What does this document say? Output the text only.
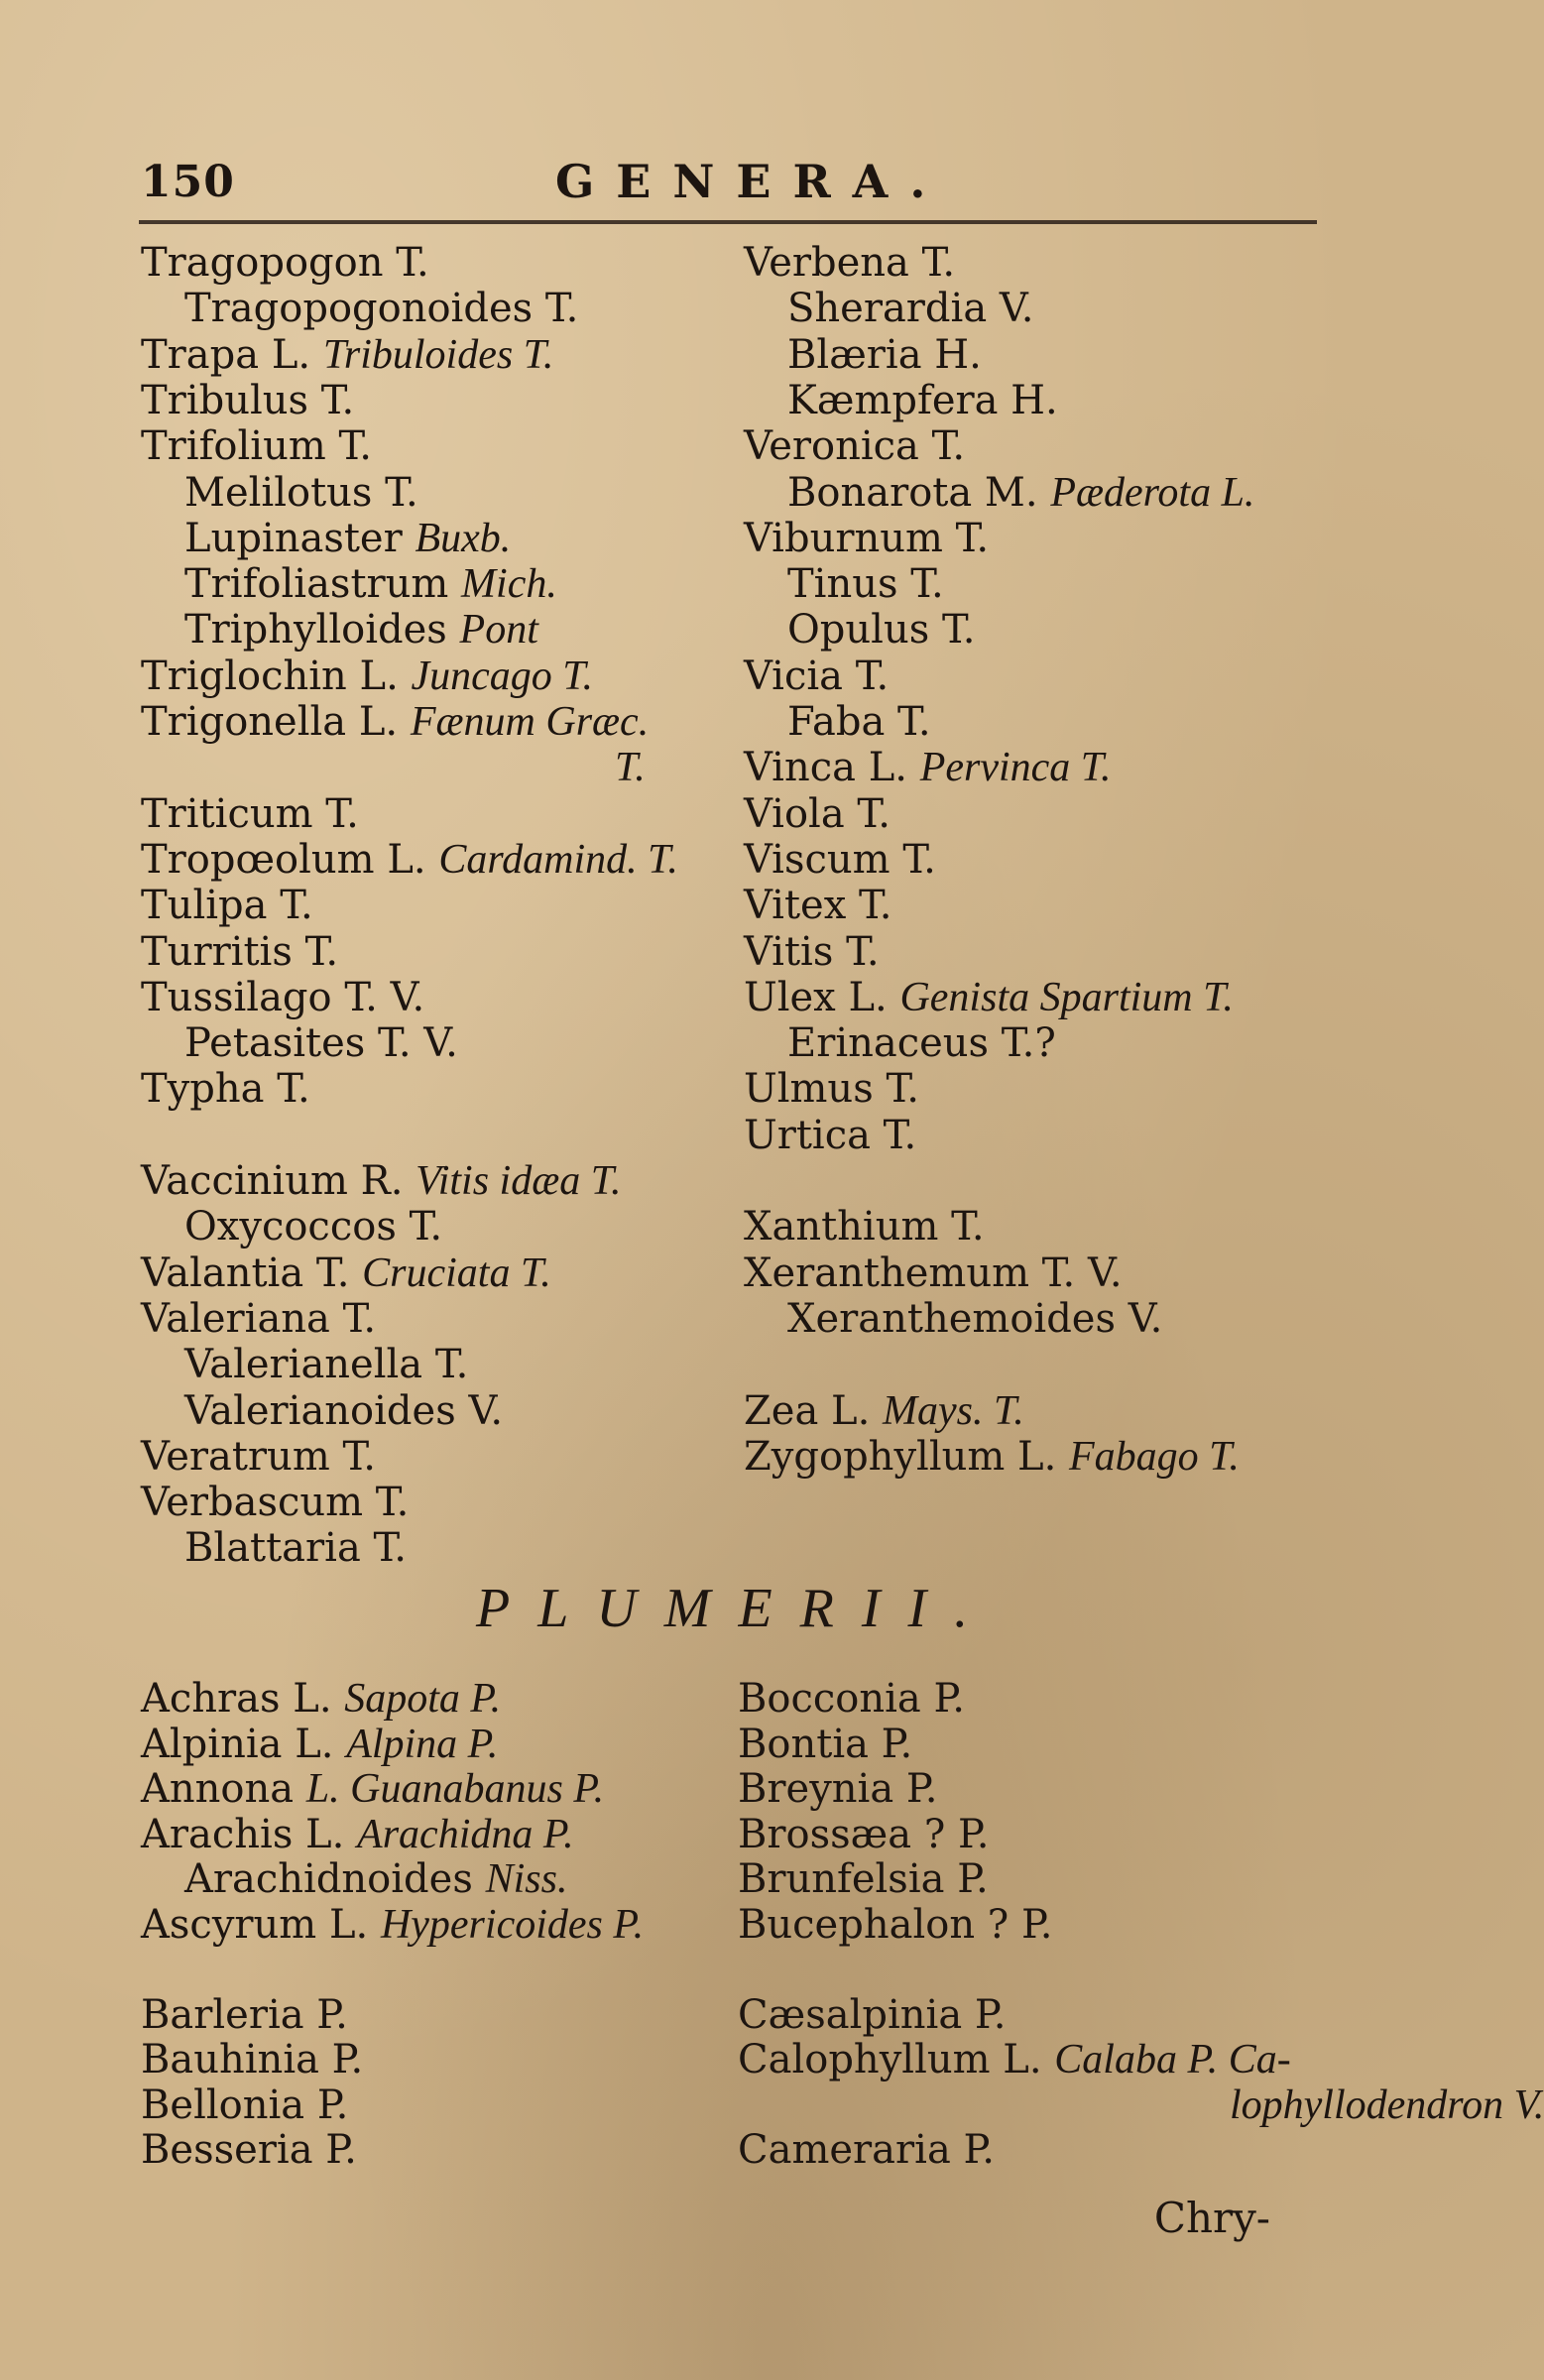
150	GENERA.
Tragopogon T.
Tragopogonoides T.
Trapa L. Tribuloides T.
Tribulus T.
Trifolium T.
Melilotus T.
Lupinaster Buxb.
Trifoliastrum Mich.
Triphylloides Pont
Triglochin L. Juncago T.
Trigonella L. Fænum Græc.
T.
Triticum T.
Tropœolum L. Cardamind. T.
Tulipa T.
Turritis T.
Tussilago T. V.
Petasites T. V.
Typha T.
Vaccinium R. Vitis idæa T.
Oxycoccos T.
Valantia T. Cruciata T.
Valeriana T.
Valerianella T.
Valerianoides V.
Veratrum T.
Verbascum T.
Blattaria T.
Verbena T.
Sherardia V.
Blæria H.
Kæmpfera H.
Veronica T.
Bonarota M. Pæderota L.
Viburnum T.
Tinus T.
Opulus T.
Vicia T.
Faba T.
Vinca L. Pervinca T.
Viola T.
Viscum T.
Vitex T.
Vitis T.
Ulex L. Genista Spartium T.
Erinaceus T.?
Ulmus T.
Urtica T.
Xanthium T.
Xeranthemum T. V.
Xeranthemoides V.
Zea L. Mays. T.
Zygophyllum L. Fabago T.
PLUMERII.
Achras L. Sapota P.
Alpinia L. Alpina P.
Annona L. Guanabanus P.
Arachis L. Arachidna P.
Arachidnoides Niss.
Ascyrum L. Hypericoides P.
Barleria P.
Bauhinia P.
Bellonia P.
Besseria P.
Bocconia P.
Bontia P.
Breynia P.
Brossæa ? P.
Brunfelsia P.
Bucephalon ? P.
Cæsalpinia P.
Calophyllum L. Calaba P. Ca-
lophyllodendron V.
Cameraria P.
Chry-
